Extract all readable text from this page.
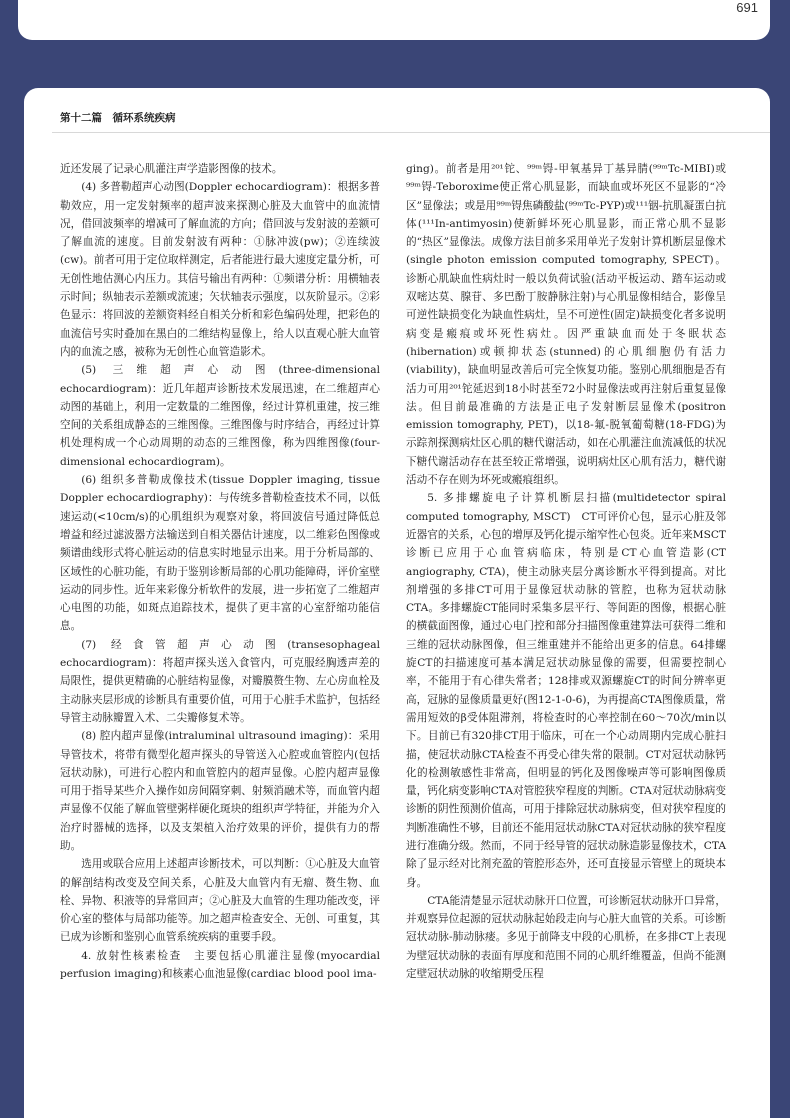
691
第十二篇　循环系统疾病

近还发展了记录心肌灌注声学造影图像的技术。

(4) 多普勒超声心动图(Doppler echocardiogram)：根据多普勒效应，用一定发射频率的超声波来探测心脏及大血管中的血流情况，借回波频率的增减可了解血流的方向；借回波与发射波的差额可了解血流的速度。目前发射波有两种：①脉冲波(pw)；②连续波(cw)。前者可用于定位取样测定，后者能进行最大速度定量分析，可无创性地估测心内压力。其信号输出有两种：①频谱分析：用横轴表示时间；纵轴表示差额或流速；矢状轴表示强度，以灰阶显示。②彩色显示：将回波的差额资料经自相关分析和彩色编码处理，把彩色的血流信号实时叠加在黑白的二维结构显像上，给人以直观心脏大血管内的血流之感，被称为无创性心血管造影术。

(5) 三维超声心动图(three-dimensional echocardiogram)：近几年超声诊断技术发展迅速，在二维超声心动图的基础上，利用一定数量的二维图像，经过计算机重建，按三维空间的关系组成静态的三维图像。三维图像与时序结合，再经过计算机处理构成一个心动周期的动态的三维图像，称为四维图像(four-dimensional echocardiogram)。

(6) 组织多普勒成像技术(tissue Doppler imaging, tissue Doppler echocardiography)：与传统多普勒检查技术不同，以低速运动(<10cm/s)的心肌组织为观察对象，将回波信号通过降低总增益和经过滤波器方法输送到自相关器估计速度，以二维彩色图像或频谱曲线形式将心脏运动的信息实时地显示出来。用于分析局部的、区域性的心脏功能，有助于鉴别诊断局部的心肌功能障碍，评价室壁运动的同步性。近年来彩像分析软件的发展，进一步拓宽了二维超声心电图的功能，如斑点追踪技术，提供了更丰富的心室舒缩功能信息。

(7) 经食管超声心动图(transesophageal echocardiogram)：将超声探头送入食管内，可克服经胸透声差的局限性，提供更精确的心脏结构显像，对瓣膜赘生物、左心房血栓及主动脉夹层形成的诊断具有重要价值，可用于心脏手术监护，包括经导管主动脉瓣置入术、二尖瓣修复术等。

(8) 腔内超声显像(intraluminal ultrasound imaging)：采用导管技术，将带有微型化超声探头的导管送入心腔或血管腔内(包括冠状动脉)，可进行心腔内和血管腔内的超声显像。心腔内超声显像可用于指导某些介入操作如房间隔穿刺、射频消融术等，而血管内超声显像不仅能了解血管壁粥样硬化斑块的组织声学特征，并能为介入治疗时器械的选择，以及支架植入治疗效果的评价，提供有力的帮助。

选用或联合应用上述超声诊断技术，可以判断：①心脏及大血管的解剖结构改变及空间关系，心脏及大血管内有无瘤、赘生物、血栓、异物、积液等的异常回声；②心脏及大血管的生理功能改变，评价心室的整体与局部功能等。加之超声检查安全、无创、可重复，其已成为诊断和鉴别心血管系统疾病的重要手段。

4. 放射性核素检查　主要包括心肌灌注显像(myocardial perfusion imaging)和核素心血池显像(cardiac blood pool ima-

ging)。前者是用²⁰¹铊、⁹⁹ᵐ锝-甲氧基异丁基异腈(⁹⁹ᵐTc-MIBI)或⁹⁹ᵐ锝-Teboroxime使正常心肌显影，而缺血或坏死区不显影的“冷区”显像法；或是用⁹⁹ᵐ锝焦磷酸盐(⁹⁹ᵐTc-PYP)或¹¹¹铟-抗肌凝蛋白抗体(¹¹¹In-antimyosin)使新鲜坏死心肌显影，而正常心肌不显影的“热区”显像法。成像方法目前多采用单光子发射计算机断层显像术(single photon emission computed tomography, SPECT)。诊断心肌缺血性病灶时一般以负荷试验(活动平板运动、踏车运动或双嘧达莫、腺苷、多巴酚丁胺静脉注射)与心肌显像相结合，影像呈可逆性缺损变化为缺血性病灶，呈不可逆性(固定)缺损变化者多说明病变是瘢痕或坏死性病灶。因严重缺血而处于冬眠状态(hibernation)或顿抑状态(stunned)的心肌细胞仍有活力(viability)，缺血明显改善后可完全恢复功能。鉴别心肌细胞是否有活力可用²⁰¹铊延迟到18小时甚至72小时显像法或再注射后重复显像法。但目前最准确的方法是正电子发射断层显像术(positron emission tomography, PET)，以18-氟-脱氧葡萄糖(18-FDG)为示踪剂探测病灶区心肌的糖代谢活动，如在心肌灌注血流减低的状况下糖代谢活动存在甚至较正常增强，说明病灶区心肌有活力，糖代谢活动不存在则为坏死或瘢痕组织。

5. 多排螺旋电子计算机断层扫描(multidetector spiral computed tomography, MSCT)　CT可评价心包，显示心脏及邻近器官的关系，心包的增厚及钙化提示缩窄性心包炎。近年来MSCT诊断已应用于心血管病临床，特别是CT心血管造影(CT angiography, CTA)，使主动脉夹层分离诊断水平得到提高。对比剂增强的多排CT可用于显像冠状动脉的管腔，也称为冠状动脉CTA。多排螺旋CT能同时采集多层平行、等间距的图像，根据心脏的横截面图像，通过心电门控和部分扫描图像重建算法可获得二维和三维的冠状动脉图像，但三维重建并不能给出更多的信息。64排螺旋CT的扫描速度可基本满足冠状动脉显像的需要，但需要控制心率，不能用于有心律失常者；128排或双源螺旋CT的时间分辨率更高，冠脉的显像质量更好(图12-1-0-6)，为再提高CTA图像质量，常需用短效的β受体阻滞剂，将检查时的心率控制在60～70次/min以下。目前已有320排CT用于临床，可在一个心动周期内完成心脏扫描，使冠状动脉CTA检查不再受心律失常的限制。CT对冠状动脉钙化的检测敏感性非常高，但明显的钙化及图像噪声等可影响图像质量，钙化病变影响CTA对管腔狭窄程度的判断。CTA对冠状动脉病变诊断的阴性预测价值高，可用于排除冠状动脉病变，但对狭窄程度的判断准确性不够，目前还不能用冠状动脉CTA对冠状动脉的狭窄程度进行准确分级。然而，不同于经导管的冠状动脉造影显像技术，CTA除了显示经对比剂充盈的管腔形态外，还可直接显示管壁上的斑块本身。

CTA能清楚显示冠状动脉开口位置，可诊断冠状动脉开口异常，并观察异位起源的冠状动脉起始段走向与心脏大血管的关系。可诊断冠状动脉-肺动脉瘘。多见于前降支中段的心肌桥，在多排CT上表现为壁冠状动脉的表面有厚度和范围不同的心肌纤维覆盖，但尚不能测定壁冠状动脉的收缩期受压程
